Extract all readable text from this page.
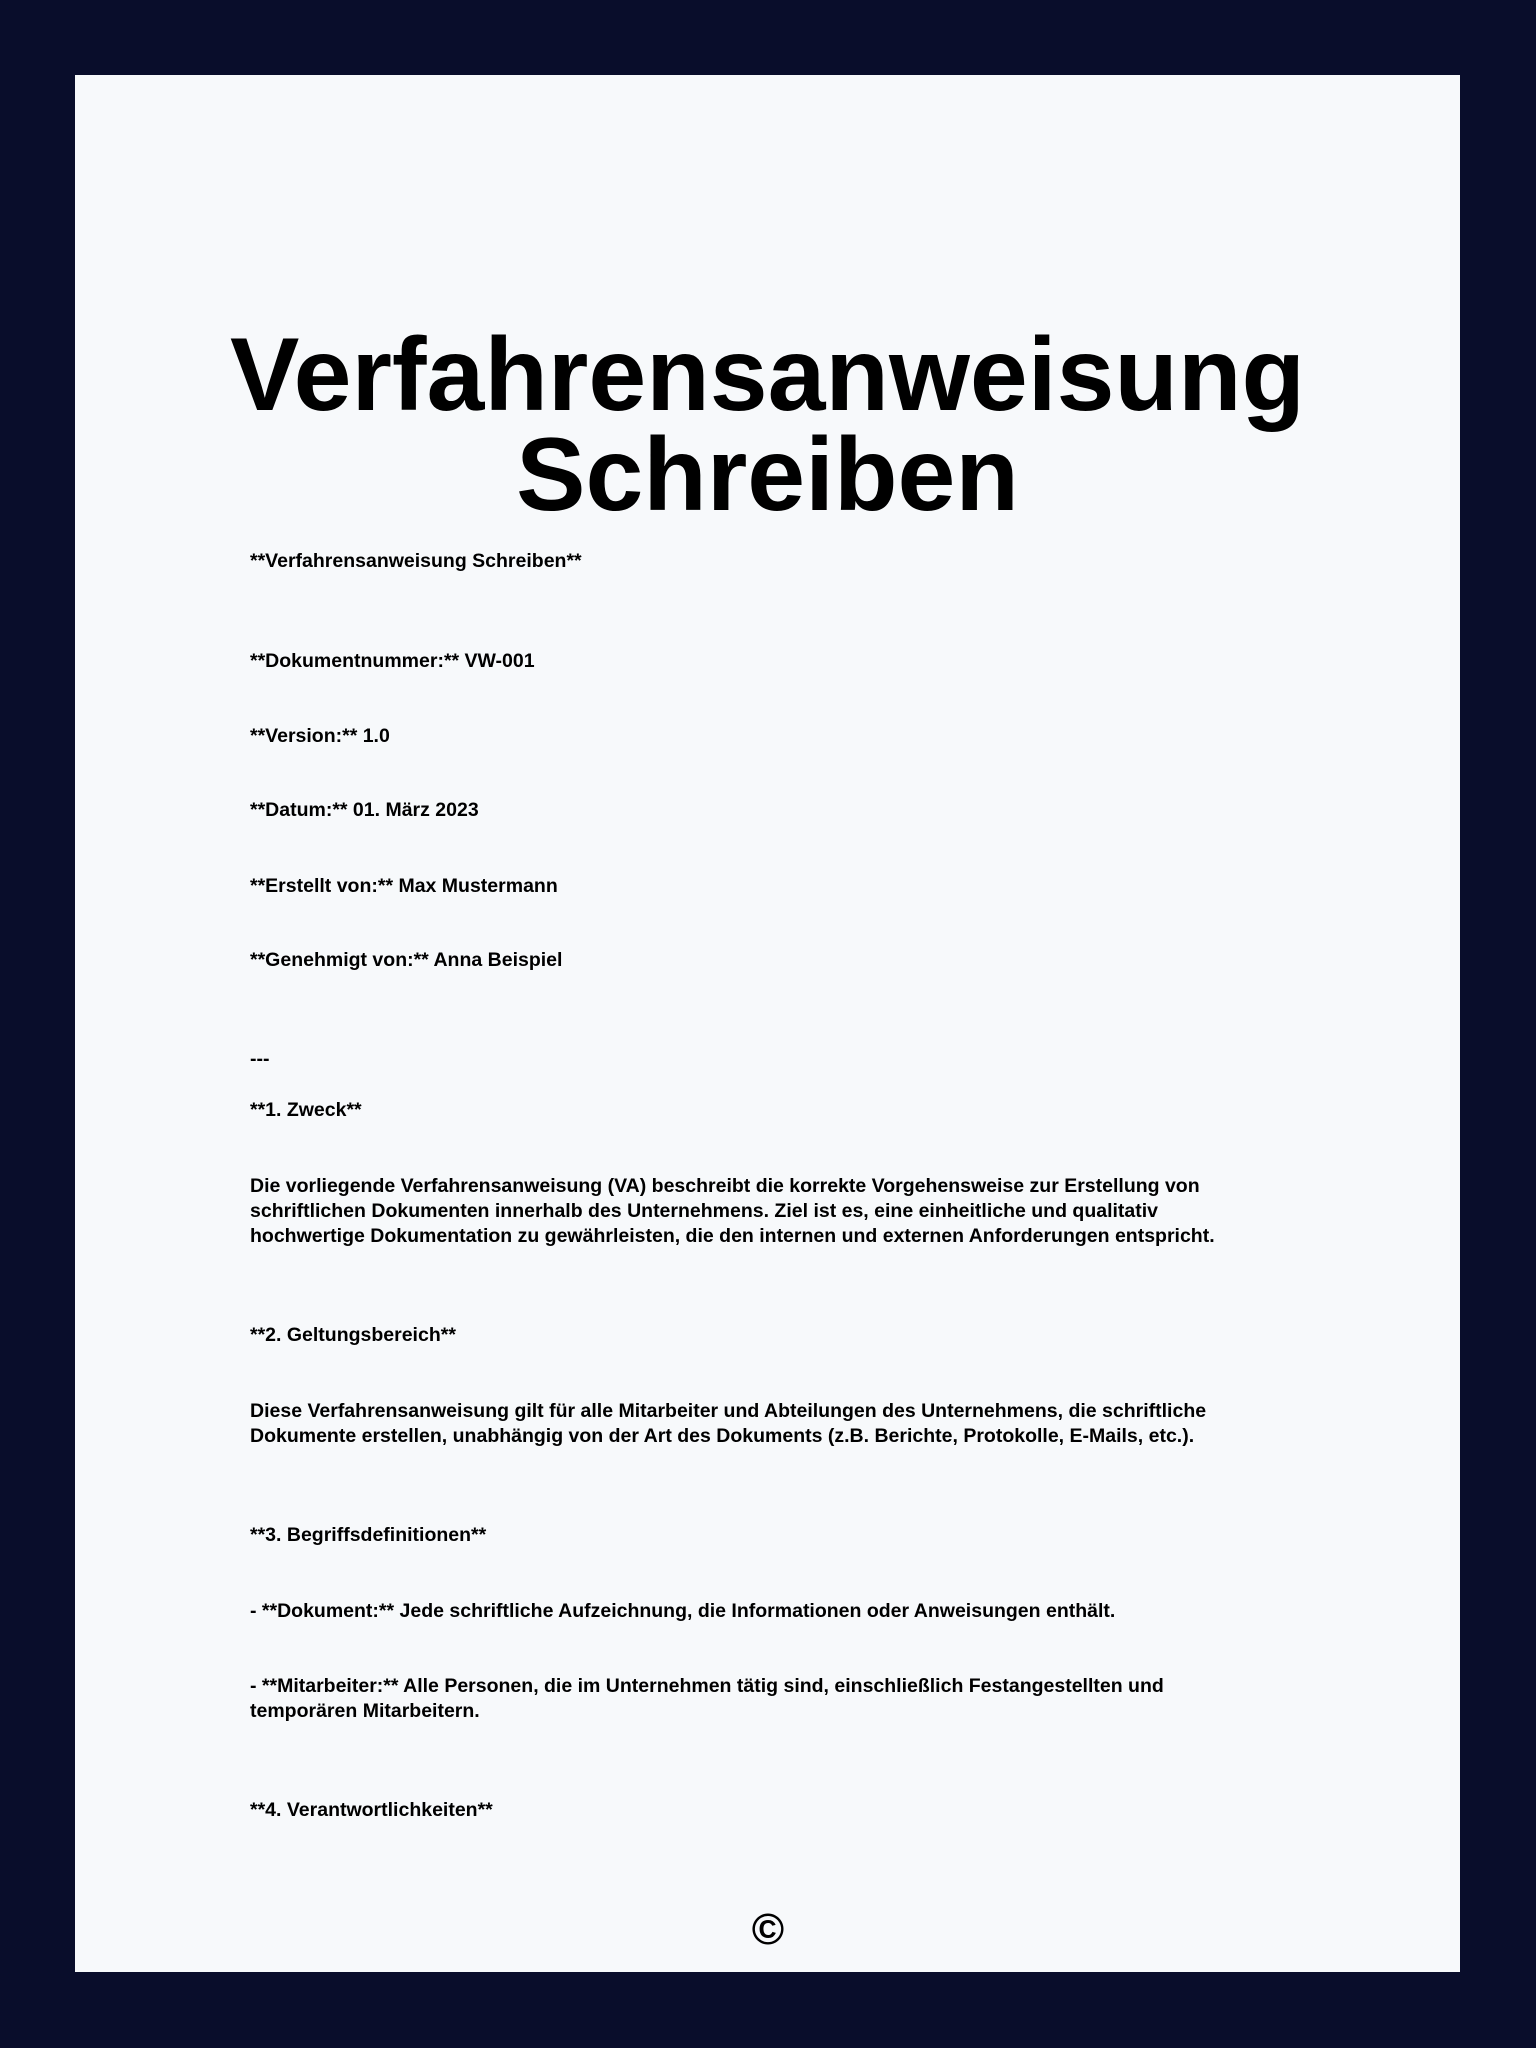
Verfahrensanweisung
Schreiben
**Verfahrensanweisung Schreiben**
**Dokumentnummer:** VW-001
**Version:** 1.0
**Datum:** 01. März 2023
**Erstellt von:** Max Mustermann
**Genehmigt von:** Anna Beispiel
---
**1. Zweck**
Die vorliegende Verfahrensanweisung (VA) beschreibt die korrekte Vorgehensweise zur Erstellung von
schriftlichen Dokumenten innerhalb des Unternehmens. Ziel ist es, eine einheitliche und qualitativ
hochwertige Dokumentation zu gewährleisten, die den internen und externen Anforderungen entspricht.
**2. Geltungsbereich**
Diese Verfahrensanweisung gilt für alle Mitarbeiter und Abteilungen des Unternehmens, die schriftliche
Dokumente erstellen, unabhängig von der Art des Dokuments (z.B. Berichte, Protokolle, E-Mails, etc.).
**3. Begriffsdefinitionen**
- **Dokument:** Jede schriftliche Aufzeichnung, die Informationen oder Anweisungen enthält.
- **Mitarbeiter:** Alle Personen, die im Unternehmen tätig sind, einschließlich Festangestellten und
temporären Mitarbeitern.
**4. Verantwortlichkeiten**
©
